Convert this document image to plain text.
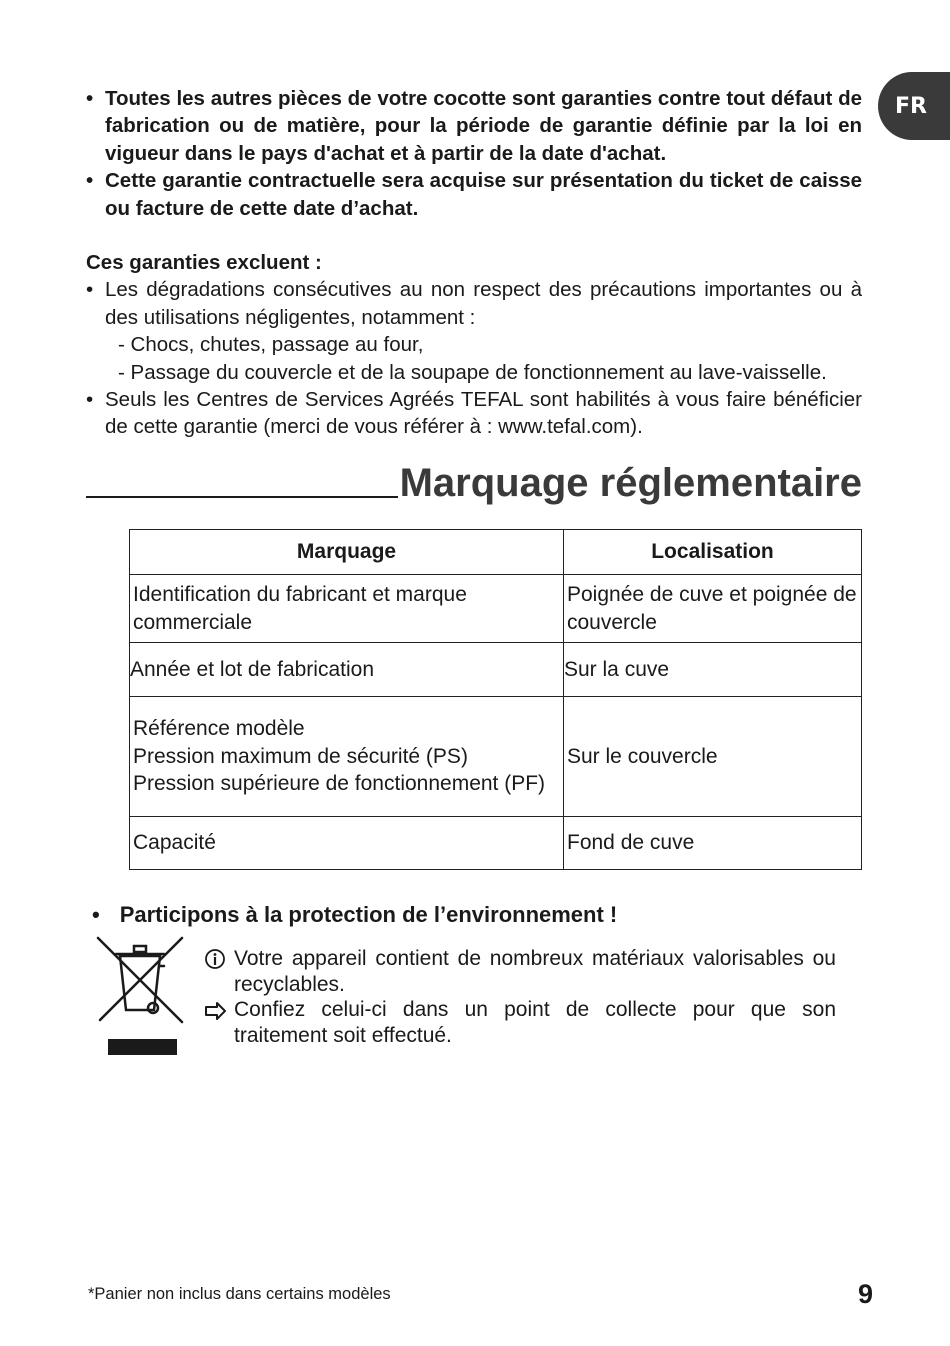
FR
• Toutes les autres pièces de votre cocotte sont garanties contre tout défaut de fabrication ou de matière, pour la période de garantie définie par la loi en vigueur dans le pays d'achat et à partir de la date d'achat.
• Cette garantie contractuelle sera acquise sur présentation du ticket de caisse ou facture de cette date d’achat.
Ces garanties excluent :
• Les dégradations consécutives au non respect des précautions importantes ou à des utilisations négligentes, notamment :
- Chocs, chutes, passage au four,
- Passage du couvercle et de la soupape de fonctionnement au lave-vaisselle.
• Seuls les Centres de Services Agréés TEFAL sont habilités à vous faire bénéficier de cette garantie (merci de vous référer à : www.tefal.com).
Marquage réglementaire
Marquage	Localisation
Identification du fabricant et marque commerciale	Poignée de cuve et poignée de couvercle
Année et lot de fabrication	Sur la cuve

Référence modèle
Pression maximum de sécurité (PS)
Pression supérieure de fonctionnement (PF)	Sur le couvercle
Capacité	Fond de cuve
• Participons à la protection de l’environnement !
Votre appareil contient de nombreux matériaux valorisables ou recyclables.
Confiez celui-ci dans un point de collecte pour que son traitement soit effectué.
*Panier non inclus dans certains modèles	9
